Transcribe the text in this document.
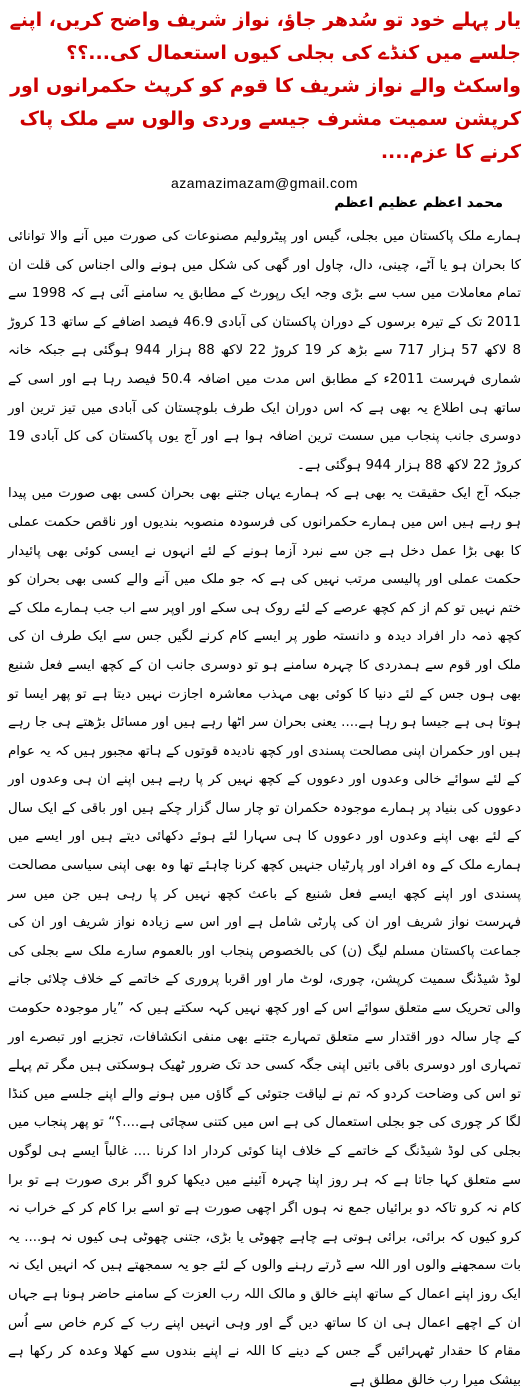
یار پہلے خود تو سُدھر جاؤ، نواز شریف واضح کریں، اپنے جلسے میں کنڈے کی بجلی کیوں استعمال کی...؟؟ واسکٹ والے نواز شریف کا قوم کو کرپٹ حکمرانوں اور کرپشن سمیت مشرف جیسے وردی والوں سے ملک پاک کرنے کا عزم....
azamazimazam@gmail.com
محمد اعظم عظیم اعظم

ہمارے ملک پاکستان میں بجلی، گیس اور پیٹرولیم مصنوعات کی صورت میں آنے والا توانائی کا بحران ہو یا آٹے، چینی، دال، چاول اور گھی کی شکل میں ہونے والی اجناس کی قلت ان تمام معاملات میں سب سے بڑی وجہ ایک رپورٹ کے مطابق یہ سامنے آئی ہے کہ 1998 سے 2011 تک کے تیرہ برسوں کے دوران پاکستان کی آبادی 46.9 فیصد اضافے کے ساتھ 13 کروڑ 8 لاکھ 57 ہزار 717 سے بڑھ کر 19 کروڑ 22 لاکھ 88 ہزار 944 ہوگئی ہے جبکہ خانہ شماری فہرست 2011ء کے مطابق اس مدت میں اضافہ 50.4 فیصد رہا ہے اور اسی کے ساتھ ہی اطلاع یہ بھی ہے کہ اس دوران ایک طرف بلوچستان کی آبادی میں تیز ترین اور دوسری جانب پنجاب میں سست ترین اضافہ ہوا ہے اور آج یوں پاکستان کی کل آبادی 19 کروڑ 22 لاکھ 88 ہزار 944 ہوگئی ہے۔

جبکہ آج ایک حقیقت یہ بھی ہے کہ ہمارے یہاں جتنے بھی بحران کسی بھی صورت میں پیدا ہو رہے ہیں اس میں ہمارے حکمرانوں کی فرسودہ منصوبہ بندیوں اور ناقص حکمت عملی کا بھی بڑا عمل دخل ہے جن سے نبرد آزما ہونے کے لئے انہوں نے ایسی کوئی بھی پائیدار حکمت عملی اور پالیسی مرتب نہیں کی ہے کہ جو ملک میں آنے والے کسی بھی بحران کو ختم نہیں تو کم از کم کچھ عرصے کے لئے روک ہی سکے اور اوپر سے اب جب ہمارے ملک کے کچھ ذمہ دار افراد دیدہ و دانستہ طور پر ایسے کام کرنے لگیں جس سے ایک طرف ان کی ملک اور قوم سے ہمدردی کا چہرہ سامنے ہو تو دوسری جانب ان کے کچھ ایسے فعل شنیع بھی ہوں جس کے لئے دنیا کا کوئی بھی مہذب معاشرہ اجازت نہیں دیتا ہے تو پھر ایسا تو ہوتا ہی ہے جیسا ہو رہا ہے.... یعنی بحران سر اٹھا رہے ہیں اور مسائل بڑھتے ہی جا رہے ہیں اور حکمران اپنی مصالحت پسندی اور کچھ نادیدہ قوتوں کے ہاتھ مجبور ہیں کہ یہ عوام کے لئے سوائے خالی وعدوں اور دعووں کے کچھ نہیں کر پا رہے ہیں اپنے ان ہی وعدوں اور دعووں کی بنیاد پر ہمارے موجودہ حکمران تو چار سال گزار چکے ہیں اور باقی کے ایک سال کے لئے بھی اپنے وعدوں اور دعووں کا ہی سہارا لئے ہوئے دکھائی دیتے ہیں اور ایسے میں ہمارے ملک کے وہ افراد اور پارٹیاں جنہیں کچھ کرنا چاہئے تھا وہ بھی اپنی سیاسی مصالحت پسندی اور اپنے کچھ ایسے فعل شنیع کے باعث کچھ نہیں کر پا رہی ہیں جن میں سر فہرست نواز شریف اور ان کی پارٹی شامل ہے اور اس سے زیادہ نواز شریف اور ان کی جماعت پاکستان مسلم لیگ (ن) کی بالخصوص پنجاب اور بالعموم سارے ملک سے بجلی کی لوڈ شیڈنگ سمیت کرپشن، چوری، لوٹ مار اور اقربا پروری کے خاتمے کے خلاف چلائی جانے والی تحریک سے متعلق سوائے اس کے اور کچھ نہیں کہہ سکتے ہیں کہ ”یار موجودہ حکومت کے چار سالہ دور اقتدار سے متعلق تمہارے جتنے بھی منفی انکشافات، تجزیے اور تبصرے اور تمہاری اور دوسری باقی باتیں اپنی جگہ کسی حد تک ضرور ٹھیک ہوسکتی ہیں مگر تم پہلے تو اس کی وضاحت کردو کہ تم نے لیاقت جتوئی کے گاؤں میں ہونے والے اپنے جلسے میں کنڈا لگا کر چوری کی جو بجلی استعمال کی ہے اس میں کتنی سچائی ہے....؟“ تو پھر پنجاب میں بجلی کی لوڈ شیڈنگ کے خاتمے کے خلاف اپنا کوئی کردار ادا کرنا .... غالباً ایسے ہی لوگوں سے متعلق کہا جاتا ہے کہ ہر روز اپنا چہرہ آئینے میں دیکھا کرو اگر بری صورت ہے تو برا کام نہ کرو تاکہ دو برائیاں جمع نہ ہوں اگر اچھی صورت ہے تو اسے برا کام کر کے خراب نہ کرو کیوں کہ برائی، برائی ہوتی ہے چاہے چھوٹی یا بڑی، جتنی چھوٹی ہی کیوں نہ ہو.... یہ بات سمجھنے والوں اور اللہ سے ڈرتے رہنے والوں کے لئے جو یہ سمجھتے ہیں کہ انہیں ایک نہ ایک روز اپنے اعمال کے ساتھ اپنے خالق و مالک اللہ رب العزت کے سامنے حاضر ہونا ہے جہاں ان کے اچھے اعمال ہی ان کا ساتھ دیں گے اور وہی انہیں اپنے رب کے کرم خاص سے اُس مقام کا حقدار ٹھہرائیں گے جس کے دینے کا اللہ نے اپنے بندوں سے کھلا وعدہ کر رکھا ہے بیشک میرا رب خالق مطلق ہے
